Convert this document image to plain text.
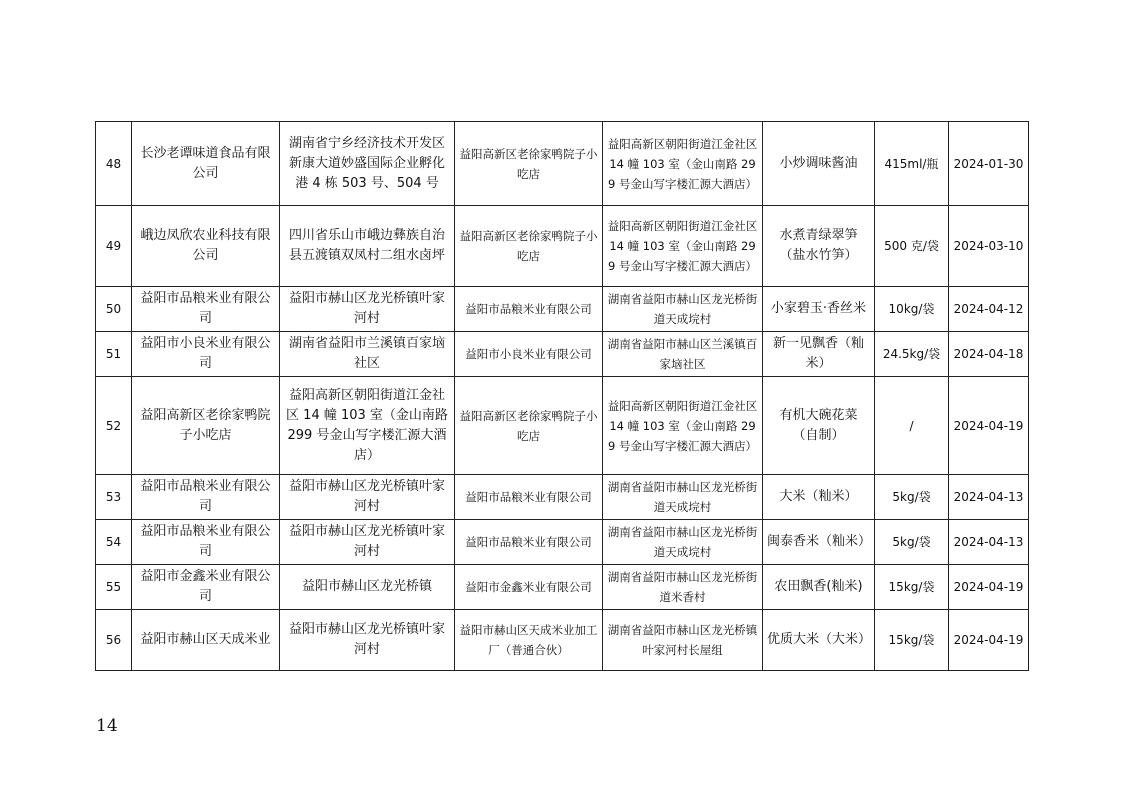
48	长沙老谭味道食品有限公司	湖南省宁乡经济技术开发区新康大道妙盛国际企业孵化港 4 栋 503 号、504 号	益阳高新区老徐家鸭院子小吃店	益阳高新区朝阳街道江金社区 14 幢 103 室（金山南路 299 号金山写字楼汇源大酒店）	小炒调味酱油	415ml/瓶	2024-01-30
49	峨边凤欣农业科技有限公司	四川省乐山市峨边彝族自治县五渡镇双凤村二组水卤坪	益阳高新区老徐家鸭院子小吃店	益阳高新区朝阳街道江金社区 14 幢 103 室（金山南路 299 号金山写字楼汇源大酒店）	水煮青绿翠笋（盐水竹笋）	500 克/袋	2024-03-10
50	益阳市品粮米业有限公司	益阳市赫山区龙光桥镇叶家河村	益阳市品粮米业有限公司	湖南省益阳市赫山区龙光桥街道天成垸村	小家碧玉·香丝米	10kg/袋	2024-04-12
51	益阳市小良米业有限公司	湖南省益阳市兰溪镇百家垴社区	益阳市小良米业有限公司	湖南省益阳市赫山区兰溪镇百家垴社区	新一见飘香（籼米）	24.5kg/袋	2024-04-18
52	益阳高新区老徐家鸭院子小吃店	益阳高新区朝阳街道江金社区 14 幢 103 室（金山南路 299 号金山写字楼汇源大酒店）	益阳高新区老徐家鸭院子小吃店	益阳高新区朝阳街道江金社区 14 幢 103 室（金山南路 299 号金山写字楼汇源大酒店）	有机大碗花菜（自制）	/	2024-04-19
53	益阳市品粮米业有限公司	益阳市赫山区龙光桥镇叶家河村	益阳市品粮米业有限公司	湖南省益阳市赫山区龙光桥街道天成垸村	大米（籼米）	5kg/袋	2024-04-13
54	益阳市品粮米业有限公司	益阳市赫山区龙光桥镇叶家河村	益阳市品粮米业有限公司	湖南省益阳市赫山区龙光桥街道天成垸村	闽泰香米（籼米）	5kg/袋	2024-04-13
55	益阳市金鑫米业有限公司	益阳市赫山区龙光桥镇	益阳市金鑫米业有限公司	湖南省益阳市赫山区龙光桥街道米香村	农田飘香(籼米)	15kg/袋	2024-04-19
56	益阳市赫山区天成米业	益阳市赫山区龙光桥镇叶家河村	益阳市赫山区天成米业加工厂（普通合伙）	湖南省益阳市赫山区龙光桥镇叶家河村长屋组	优质大米（大米）	15kg/袋	2024-04-19
14
